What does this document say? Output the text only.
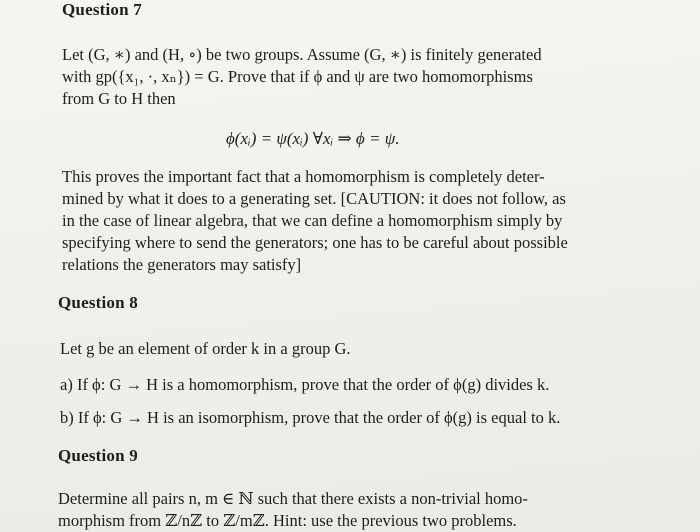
Question 7
Let (G, ∗) and (H, ∘) be two groups. Assume (G, ∗) is finitely generated
with gp({x₁, ·, xₙ}) = G. Prove that if ϕ and ψ are two homomorphisms
from G to H then
ϕ(xᵢ) = ψ(xᵢ) ∀xᵢ ⇒ ϕ = ψ.
This proves the important fact that a homomorphism is completely deter-
mined by what it does to a generating set. [CAUTION: it does not follow, as
in the case of linear algebra, that we can define a homomorphism simply by
specifying where to send the generators; one has to be careful about possible
relations the generators may satisfy]
Question 8
Let g be an element of order k in a group G.
a) If ϕ: G → H is a homomorphism, prove that the order of ϕ(g) divides k.
b) If ϕ: G → H is an isomorphism, prove that the order of ϕ(g) is equal to k.
Question 9
Determine all pairs n, m ∈ ℕ such that there exists a non-trivial homo-
morphism from ℤ/nℤ to ℤ/mℤ. Hint: use the previous two problems.
